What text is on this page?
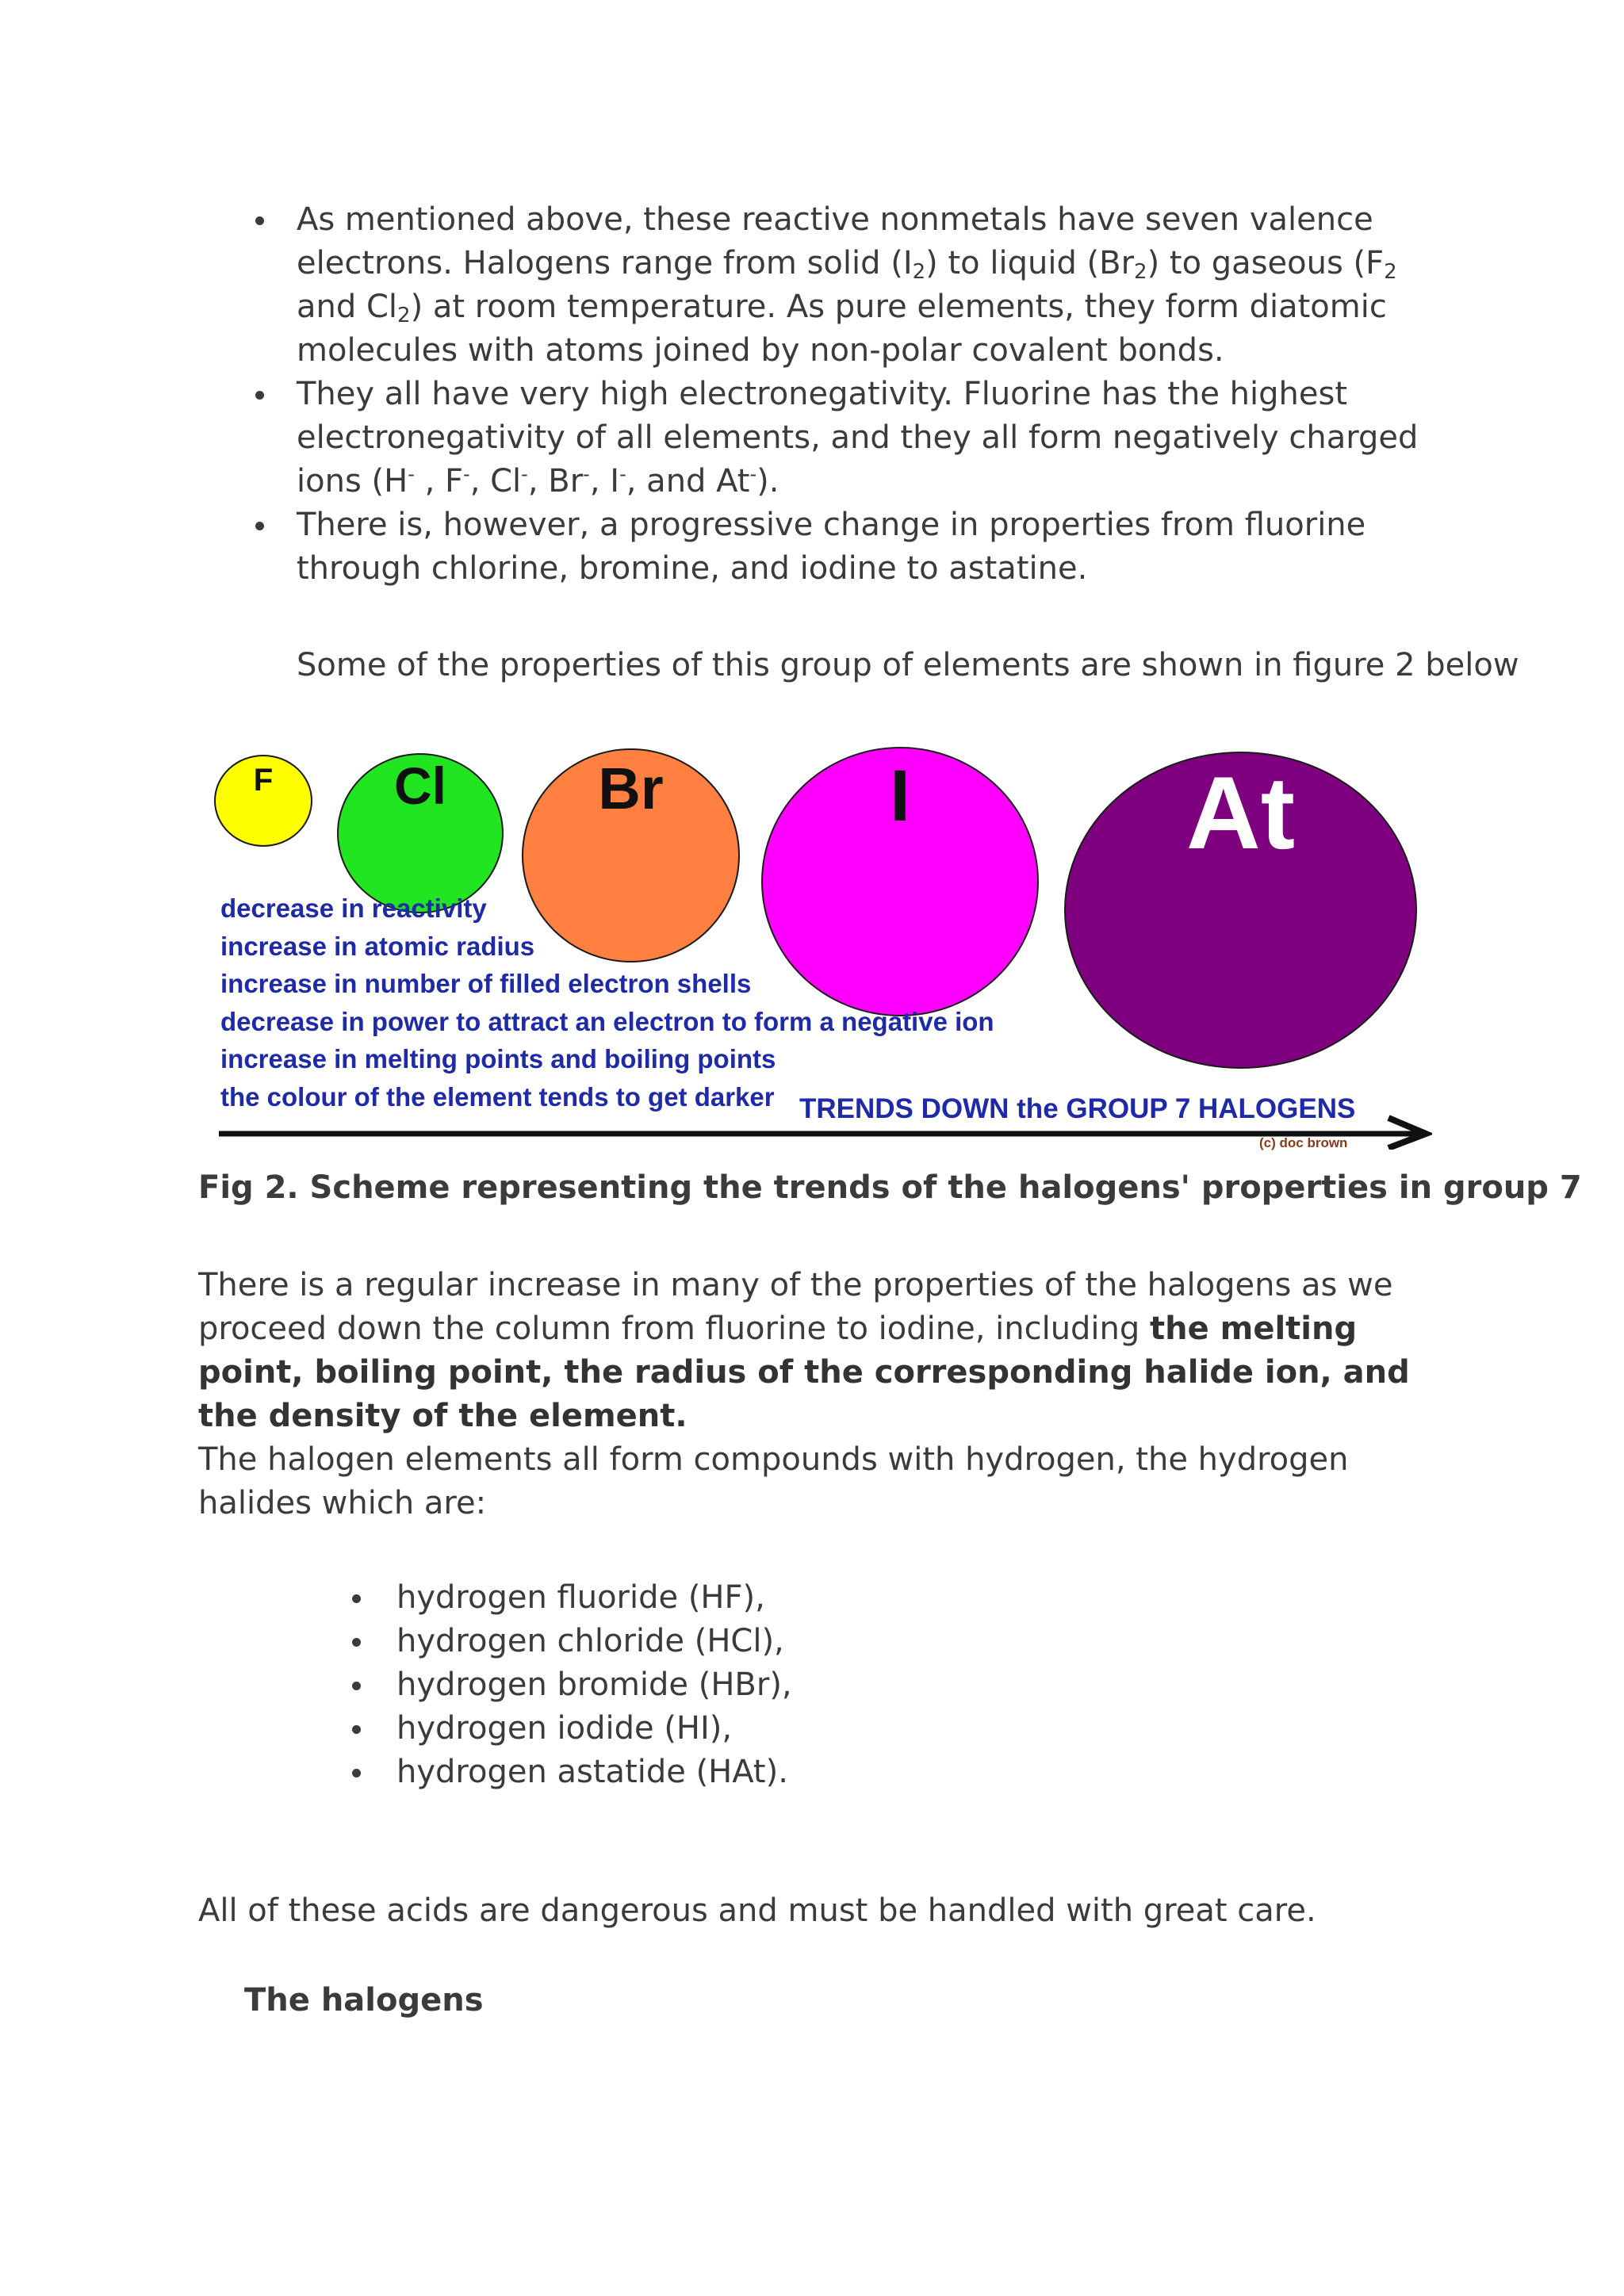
As mentioned above, these reactive nonmetals have seven valence electrons. Halogens range from solid $(I_2)$ to liquid $(Br_2)$ to gaseous ($F_2$ and $Cl_2$) at room temperature. As pure elements, they form diatomic molecules with atoms joined by non-polar covalent bonds.
They all have very high electronegativity. Fluorine has the highest electronegativity of all elements, and they all form negatively charged ions (H- , F-, Cl-, Br-, I-, and At-).
There is, however, a progressive change in properties from fluorine through chlorine, bromine, and iodine to astatine.
Some of the properties of this group of elements are shown in figure 2 below
F	Cl	Br	I	At
decrease in reactivity
increase in atomic radius
increase in number of filled electron shells
decrease in power to attract an electron to form a negative ion
increase in melting points and boiling points
the colour of the element tends to get darker TRENDS DOWN the GROUP 7 HALOGENS
(c) doc brown
Fig 2. Scheme representing the trends of the halogens' properties in group 7
There is a regular increase in many of the properties of the halogens as we proceed down the column from fluorine to iodine, including the melting point, boiling point, the radius of the corresponding halide ion, and the density of the element.
The halogen elements all form compounds with hydrogen, the hydrogen halides which are:
hydrogen fluoride (HF),
hydrogen chloride (HCl),
hydrogen bromide (HBr),
hydrogen iodide (HI),
hydrogen astatide (HAt).
All of these acids are dangerous and must be handled with great care.
The halogens
